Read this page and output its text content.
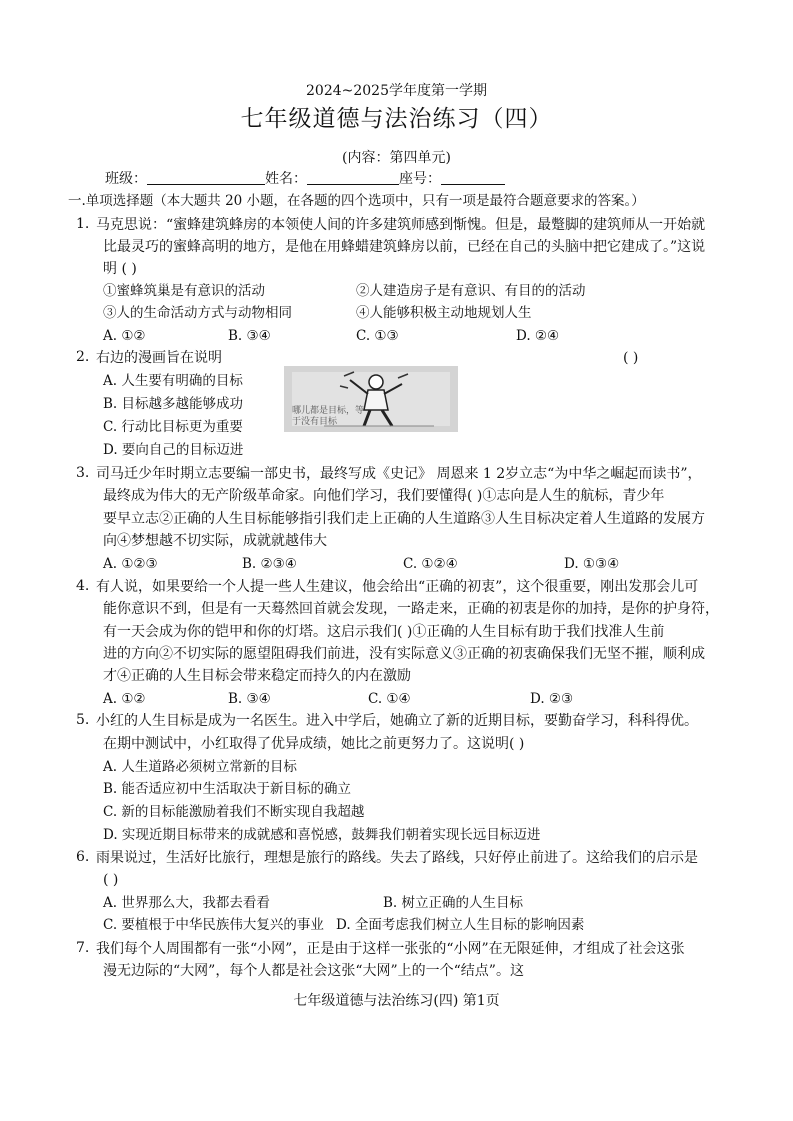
2024~2025学年度第一学期
七年级道德与法治练习（四）
(内容：第四单元)
班级：	姓名：	座号：
一.单项选择题（本大题共 20 小题，在各题的四个选项中，只有一项是最符合题意要求的答案。）
1. 马克思说：“蜜蜂建筑蜂房的本领使人间的许多建筑师感到惭愧。但是，最蹩脚的建筑师从一开始就
比最灵巧的蜜蜂高明的地方，是他在用蜂蜡建筑蜂房以前，已经在自己的头脑中把它建成了。”这说
明 ( )
①蜜蜂筑巢是有意识的活动	②人建造房子是有意识、有目的的活动
③人的生命活动方式与动物相同	④人能够积极主动地规划人生
A. ①②	B. ③④	C. ①③	D. ②④
2. 右边的漫画旨在说明	( )
A. 人生要有明确的目标
B. 目标越多越能够成功
C. 行动比目标更为重要
D. 要向自己的目标迈进
哪儿都是目标，等于没有目标
3. 司马迁少年时期立志要编一部史书，最终写成《史记》 周恩来 1 2岁立志“为中华之崛起而读书”，
最终成为伟大的无产阶级革命家。向他们学习，我们要懂得( )①志向是人生的航标，青少年
要早立志②正确的人生目标能够指引我们走上正确的人生道路③人生目标决定着人生道路的发展方
向④梦想越不切实际，成就就越伟大
A. ①②③	B. ②③④	C. ①②④	D. ①③④
4. 有人说，如果要给一个人提一些人生建议，他会给出“正确的初衷”，这个很重要，刚出发那会儿可
能你意识不到，但是有一天蓦然回首就会发现，一路走来，正确的初衷是你的加持，是你的护身符，
有一天会成为你的铠甲和你的灯塔。这启示我们( )①正确的人生目标有助于我们找准人生前
进的方向②不切实际的愿望阻碍我们前进，没有实际意义③正确的初衷确保我们无坚不摧，顺利成
才④正确的人生目标会带来稳定而持久的内在激励
A. ①②	B. ③④	C. ①④	D. ②③
5. 小红的人生目标是成为一名医生。进入中学后，她确立了新的近期目标，要勤奋学习，科科得优。
在期中测试中，小红取得了优异成绩，她比之前更努力了。这说明( )
A. 人生道路必须树立常新的目标
B. 能否适应初中生活取决于新目标的确立
C. 新的目标能激励着我们不断实现自我超越
D. 实现近期目标带来的成就感和喜悦感，鼓舞我们朝着实现长远目标迈进
6. 雨果说过，生活好比旅行，理想是旅行的路线。失去了路线，只好停止前进了。这给我们的启示是
( )
A. 世界那么大，我都去看看	B. 树立正确的人生目标
C. 要植根于中华民族伟大复兴的事业 D. 全面考虑我们树立人生目标的影响因素
7. 我们每个人周围都有一张“小网”，正是由于这样一张张的“小网”在无限延伸，才组成了社会这张
漫无边际的“大网”，每个人都是社会这张“大网”上的一个“结点”。这
七年级道德与法治练习(四) 第1页
